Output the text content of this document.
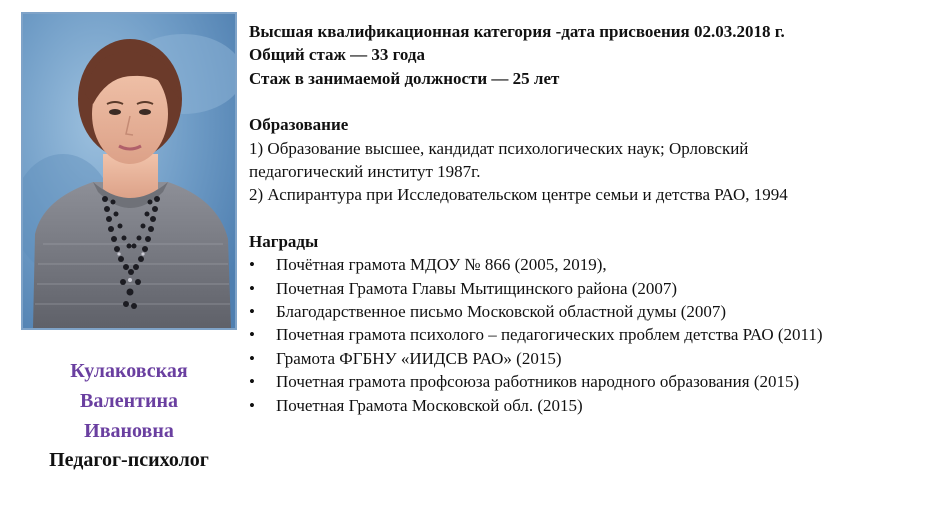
Кулаковская
Валентина
Ивановна
Педагог-психолог
Высшая квалификационная категория -дата присвоения 02.03.2018 г.
Общий стаж — 33 года
Стаж в занимаемой должности — 25 лет
Образование
1) Образование высшее, кандидат психологических наук; Орловский
педагогический институт 1987г.
2) Аспирантура при Исследовательском центре семьи и детства РАО, 1994
Награды
• Почётная грамота МДОУ № 866 (2005, 2019),
• Почетная Грамота Главы Мытищинского района (2007)
• Благодарственное письмо Московской областной думы (2007)
• Почетная грамота психолого – педагогических проблем детства РАО (2011)
• Грамота ФГБНУ «ИИДСВ РАО» (2015)
• Почетная грамота профсоюза работников народного образования (2015)
• Почетная Грамота Московской обл. (2015)
